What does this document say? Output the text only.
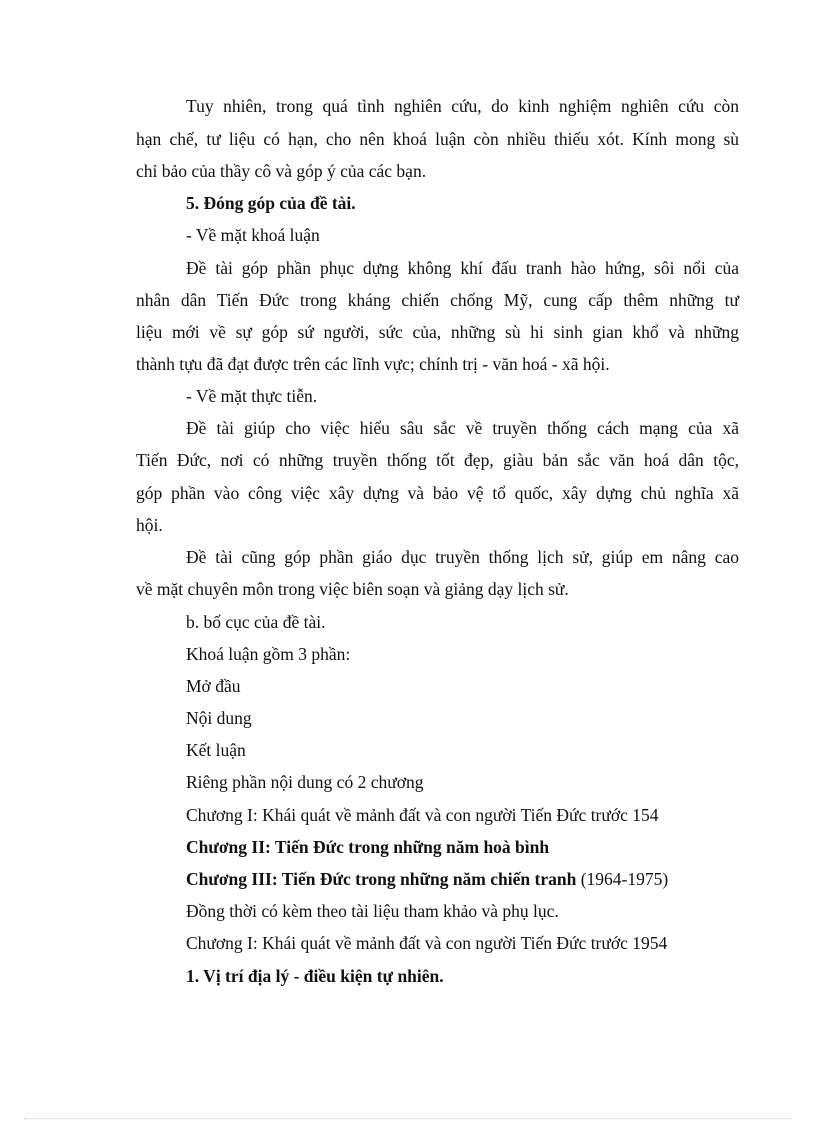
Tuy nhiên, trong quá tình nghiên cứu, do kinh nghiệm nghiên cứu còn
hạn chế, tư liệu có hạn, cho nên khoá luận còn nhiều thiếu xót. Kính mong sù
chỉ bảo của thầy cô và góp ý của các bạn.
5. Đóng góp của đề tài.
- Về mặt khoá luận
Đề tài góp phần phục dựng không khí đấu tranh hào hứng, sôi nổi của
nhân dân Tiến Đức trong kháng chiến chống Mỹ, cung cấp thêm những tư
liệu mới về sự góp sứ người, sức của, những sù hi sinh gian khổ và những
thành tựu đã đạt được trên các lĩnh vực; chính trị - văn hoá - xã hội.
- Về mặt thực tiễn.
Đề tài giúp cho việc hiểu sâu sắc về truyền thống cách mạng của xã
Tiến Đức, nơi có những truyền thống tốt đẹp, giàu bản sắc văn hoá dân tộc,
góp phần vào công việc xây dựng và bảo vệ tổ quốc, xây dựng chủ nghĩa xã
hội.
Đề tài cũng góp phần giáo dục truyền thống lịch sử, giúp em nâng cao
về mặt chuyên môn trong việc biên soạn và giảng dạy lịch sử.
b. bố cục của đề tài.
Khoá luận gồm 3 phần:
Mở đầu
Nội dung
Kết luận
Riêng phần nội dung có 2 chương
Chương I: Khái quát về mảnh đất và con người Tiến Đức trước 154
Chương II: Tiến Đức trong những năm hoà bình
Chương III: Tiến Đức trong những năm chiến tranh (1964-1975)
Đồng thời có kèm theo tài liệu tham khảo và phụ lục.
Chương I: Khái quát về mảnh đất và con người Tiến Đức trước 1954
1. Vị trí địa lý - điều kiện tự nhiên.
